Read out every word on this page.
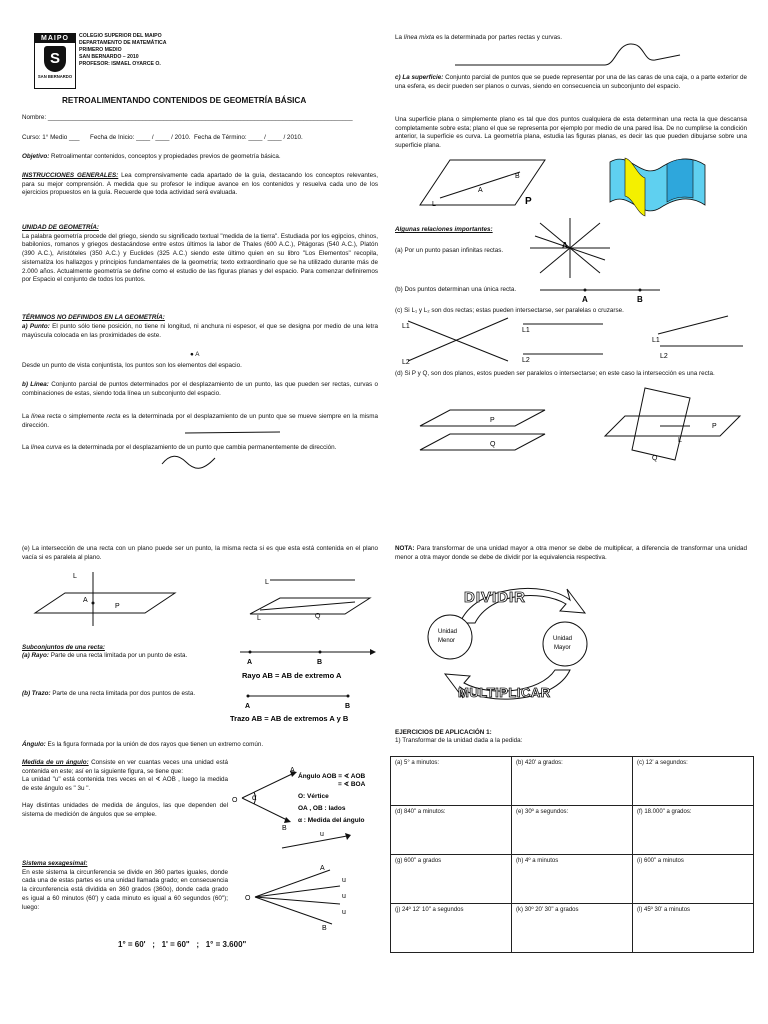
MAIPO
S
SAN BERNARDO
COLEGIO SUPERIOR DEL MAIPO
DEPARTAMENTO DE MATEMÁTICA
PRIMERO MEDIO
SAN BERNARDO – 2010
PROFESOR: ISMAEL OYARCE O.
RETROALIMENTANDO CONTENIDOS DE GEOMETRÍA BÁSICA
Nombre: _______________________________________________________________________________________
Curso: 1° Medio ___      Fecha de Inicio: ____ / ____ / 2010.  Fecha de Término: ____ / ____ / 2010.
Objetivo: Retroalimentar contenidos, conceptos y propiedades previos de geometría básica.
INSTRUCCIONES GENERALES: Lea comprensivamente cada apartado de la guía, destacando los conceptos relevantes, para su mejor comprensión. A medida que su profesor le indique avance en los contenidos y resuelva cada uno de los ejercicios propuestos en la guía. Recuerde que toda actividad será evaluada.
UNIDAD DE GEOMETRÍA:
La palabra geometría procede del griego, siendo su significado textual "medida de la tierra". Estudiada por los egipcios, chinos, babilonios, romanos y griegos destacándose entre estos últimos la labor de Thales (600 A.C.), Pitágoras (540 A.C.), Platón (390 A.C.), Aristóteles (350 A.C.) y Euclides (325 A.C.) siendo este último quien en su libro "Los Elementos" recopila, sistematiza los hallazgos y principios fundamentales de la geometría; texto extraordinario que se ha utilizado durante más de 2.000 años. Actualmente geometría se define como el estudio de las figuras planas y del espacio. Para comenzar definiremos por Espacio el conjunto de todos los puntos.
TÉRMINOS NO DEFINIDOS EN LA GEOMETRÍA:
a) Punto: El punto sólo tiene posición, no tiene ni longitud, ni anchura ni espesor, el que se designa por medio de una letra mayúscula colocada en las proximidades de este.
● A
Desde un punto de vista conjuntista, los puntos son los elementos del espacio.
b) Línea: Conjunto parcial de puntos determinados por el desplazamiento de un punto, las que pueden ser rectas, curvas o combinaciones de estas, siendo toda línea un subconjunto del espacio.
La línea recta o simplemente recta es la determinada por el desplazamiento de un punto que se mueve siempre en la misma dirección.
La línea curva es la determinada por el desplazamiento de un punto que cambia permanentemente de dirección.
La línea mixta es la determinada por partes rectas y curvas.
c) La superficie: Conjunto parcial de puntos que se puede representar por una de las caras de una caja, o a parte exterior de una esfera, es decir pueden ser planos o curvas, siendo en consecuencia un subconjunto del espacio.
Una superficie plana o simplemente plano es tal que dos puntos cualquiera de esta determinan una recta la que descansa completamente sobre esta; plano el que se representa por ejemplo por medio de una pared lisa. De no cumplirse la condición anterior, la superficie es curva. La geometría plana, estudia las figuras planas, es decir las que pueden dibujarse sobre una superficie plana.
L
A
B
P
Algunas relaciones importantes:
(a) Por un punto pasan infinitas rectas.
A
(b) Dos puntos determinan una única recta.
A	B
(c) Si L₁ y L₂ son dos rectas; estas pueden intersectarse, ser paralelas o cruzarse.
L1
L2
L1
L2
L1
L2
(d) Si P y Q, son dos planos, estos pueden ser paralelos o intersectarse; en este caso la intersección es una recta.
P
Q
P
L
Q
(e) La intersección de una recta con un plano puede ser un punto, la misma recta si es que esta está contenida en el plano vacía si es paralela al plano.
L
A
P
L
L	Q
Subconjuntos de una recta:
(a) Rayo: Parte de una recta limitada por un punto de esta.
A	B
Rayo AB = AB de extremo A
(b) Trazo: Parte de una recta limitada por dos puntos de esta.
A	B
Trazo AB = AB de extremos A y B
Ángulo: Es la figura formada por la unión de dos rayos que tienen un extremo común.
Medida de un ángulo: Consiste en ver cuantas veces una unidad está contenida en este; así en la siguiente figura, se tiene que:
La unidad "u" está contenida tres veces en el ∢ AOB , luego la medida de este ángulo es " 3u ".
Hay distintas unidades de medida de ángulos, las que dependen del sistema de medición de ángulos que se emplee.
O α
A
B
Ángulo AOB = ∢ AOB
= ∢ BOA
O: Vértice
OA , OB : lados
α : Medida del ángulo
u
Sistema sexagesimal:
En este sistema la circunferencia se divide en 360 partes iguales, donde cada una de estas partes es una unidad llamada grado; en consecuencia la circunferencia está dividida en 360 grados (360o), donde cada grado es igual a 60 minutos (60') y cada minuto es igual a 60 segundos (60"); luego:
O
A
B
u
u
u
1° = 60'   ;   1' = 60"   ;   1° = 3.600"
NOTA: Para transformar de una unidad mayor a otra menor se debe de multiplicar, a diferencia de transformar una unidad menor a otra mayor donde se debe de dividir por la equivalencia respectiva.
DIVIDIR
MULTIPLICAR
Unidad
Menor	Unidad
Mayor
EJERCICIOS DE APLICACIÓN 1:
1) Transformar de la unidad dada a la pedida:
(a) 5° a minutos:	(b) 420' a grados:	(c) 12' a segundos:
(d) 840" a minutos:	(e) 30º a segundos:	(f) 18.000" a grados:
(g) 600" a grados	(h) 4º a minutos	(i) 600" a minutos
(j) 24º 12' 10" a segundos	(k) 30º 20' 30" a grados	(l) 45º 30' a minutos
